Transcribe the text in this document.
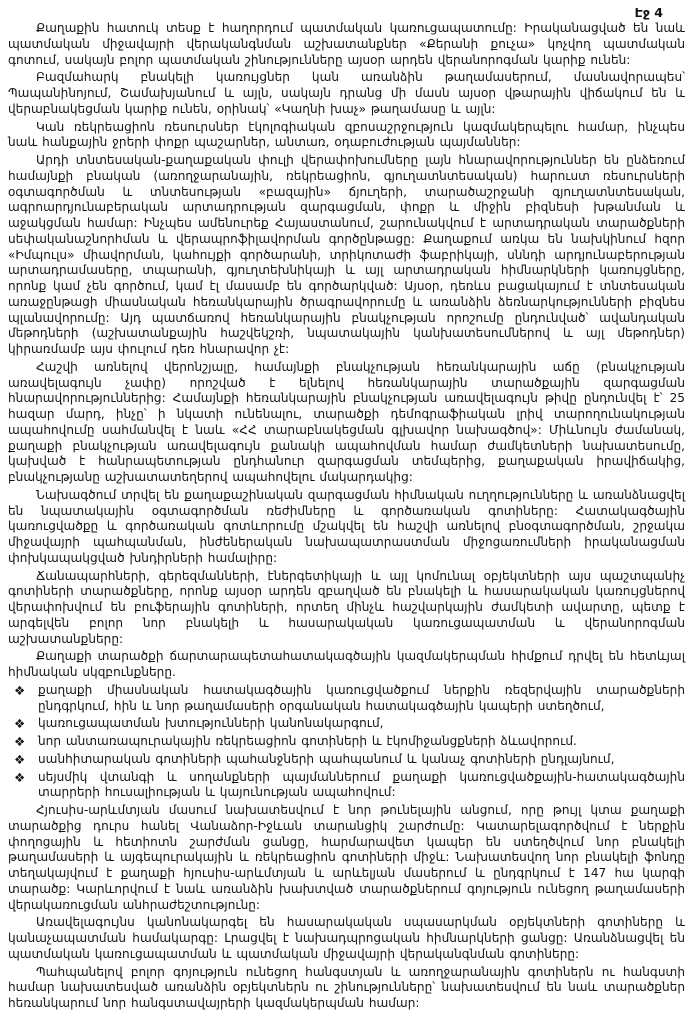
Էջ 4

Քաղաքին հատուկ տեսք է հաղորդում պատմական կառուցապատումը: Իրականացված են նաև պատմական միջավայրի վերականգնման աշխատանքներ «Քերանի քուչա» կոչվող պատմական գոտում, սակայն բոլոր պատմական շինությունները այսօր արդեն վերանորոգման կարիք ունեն:

Բազմահարկ բնակելի կառույցներ կան առանձին թաղամասերում, մասնավորապես՝ Պապանինոյում, Շամախյանում և այլն, սակայն դրանց մի մասն այսօր վթարային վիճակում են և վերաբնակեցման կարիք ունեն, օրինակ՝ «Կաղնի խաչ» թաղամասը և այլն:

Կան ռեկրեացիոն ռեսուրսներ էկոլոգիական զբոսաշրջություն կազմակերպելու համար, ինչպես նաև հանքային ջրերի փոքր պաշարներ, անտառ, օդաբուժության պայմաններ:

Արդի տնտեսական-քաղաքական փուլի վերափոխումները լայն հնարավորություններ են ընձեռում համայնքի բնական (առողջարանային, ռեկրեացիոն, գյուղատնտեսական) հարուստ ռեսուրսների օգտագործման և տնտեսության «բազային» ճյուղերի, տարածաշրջանի գյուղատնտեսական, ագրոարդյունաբերական արտադրության զարգացման, փոքր և միջին բիզնեսի խթանման և աջակցման համար: Ինչպես ամենուրեք Հայաստանում, շարունակվում է արտադրական տարածքների սեփականաշնորհման և վերապրոֆիլավորման գործընթացը: Քաղաքում առկա են նախկինում հզոր «Իմպուլս» միավորման, կահույքի գործարանի, տրիկոտաժի ֆաբրիկայի, սննդի արդյունաբերության արտադրամասերը, տպարանի, գյուղտեխնիկայի և այլ արտադրական հիմնարկների կառույցները, որոնք կամ չեն գործում, կամ էլ մասամբ են գործարկված: Այսօր, դեռևս բացակայում է տնտեսական առաջընթացի միասնական հեռանկարային ծրագրավորումը և առանձին ձեռնարկությունների բիզնես պլանավորումը: Այդ պատճառով հեռանկարային բնակչության որոշումը ընդունված՝ ավանդական մեթոդների (աշխատանքային հաշվեկշռի, նպատակային կանխատեսումներով և այլ մեթոդներ) կիրառմամբ այս փուլում դեռ հնարավոր չէ:

Հաշվի առնելով վերոնշյալը, համայնքի բնակչության հեռանկարային աճը (բնակչության առավելագույն չափը) որոշված է ելնելով հեռանկարային տարածքային զարգացման հնարավորություններից: Համայնքի հեռանկարային բնակչության առավելագույն թիվը ընդունվել է՝ 25 հազար մարդ, ինչը՝ ի նկատի ունենալու, տարածքի դեմոգրաֆիական լրիվ տարողունակության ապահովումը սահմանվել է նաև «ՀՀ տարաբնակեցման գլխավոր նախագծով»: Միևնույն ժամանակ, քաղաքի բնակչության առավելագույն քանակի ապահովման համար ժամկետների նախատեսումը, կախված է հանրապետության ընդհանուր զարգացման տեմպերից, քաղաքական իրավիճակից, բնակչությանը աշխատատեղերով ապահովելու մակարդակից:

Նախագծում տրվել են քաղաքաշինական զարգացման հիմնական ուղղությունները և առանձնացվել են նպատակային օգտագործման ռեժիմները և գործառական գոտիները: Հատակագծային կառուցվածքը և գործառական գոտևորումը մշակվել են հաշվի առնելով բնօգտագործման, շրջակա միջավայրի պահպանման, ինժեներական նախապատրաստման միջոցառումների իրականացման փոխկապակցված խնդիրների համալիրը:

Ճանապարհների, գերեզմանների, էներգետիկայի և այլ կոմունալ օբյեկտների այս պաշտպանիչ գոտիների տարածքները, որոնք այսօր արդեն զբաղված են բնակելի և հասարակական կառույցներով վերափոխվում են բուֆերային գոտիների, որտեղ մինչև հաշվարկային ժամկետի ավարտը, պետք է արգելվեն բոլոր նոր բնակելի և հասարակական կառուցապատման և վերանորոգման աշխատանքները:

Քաղաքի տարածքի ճարտարապետահատակագծային կազմակերպման հիմքում դրվել են հետևյալ հիմնական սկզբունքները.

❖ քաղաքի միասնական հատակագծային կառուցվածքում ներքին ռեզերվային տարածքների ընդգրկում, հին և նոր թաղամասերի օրգանական հատակագծային կապերի ստեղծում,
❖ կառուցապատման խտությունների կանոնակարգում,
❖ նոր անտառապուրակային ռեկրեացիոն գոտիների և էկոմիջանցքների ձևավորում.
❖ սանհիտարական գոտիների պահանջների պահպանում և կանաչ գոտիների ընդլայնում,
❖ սեյսմիկ վտանգի և սողանքների պայմաններում քաղաքի կառուցվածքային-հատակագծային տարրերի հուսալիության և կայունության ապահովում:

Հյուսիս-արևմտյան մասում նախատեսվում է նոր թունելային անցում, որը թույլ կտա քաղաքի տարածքից դուրս հանել Վանաձոր-Իջևան տարանցիկ շարժումը: Կատարելագործվում է ներքին փողոցային և հետիոտն շարժման ցանցը, հարմարավետ կապեր են ստեղծվում նոր բնակելի թաղամասերի և այգեպուրակային և ռեկրեացիոն գոտիների միջև: Նախատեսվող նոր բնակելի ֆոնդը տեղակայվում է քաղաքի հյուսիս-արևմտյան և արևելյան մասերում և ընդգրկում է 147 հա կարգի տարածք: Կարևորվում է նաև առանձին խախտված տարածքներում գոյություն ունեցող թաղամասերի վերակառուցման անհրաժեշտությունը:

Առավելագույնս կանոնակարգել են հասարակական սպասարկման օբյեկտների գոտիները և կանաչապատման համակարգը: Լրացվել է նախադպրոցական հիմնարկների ցանցը: Առանձնացվել են պատմական կառուցապատման և պատմական միջավայրի վերականգնման գոտիները:

Պահպանելով բոլոր գոյություն ունեցող հանգստյան և առողջարանային գոտիներն ու հանգստի համար նախատեսված առանձին օբյեկտներն ու շինությունները՝ նախատեսվում են նաև տարածքներ հեռանկարում նոր հանգստավայրերի կազմակերպման համար:
